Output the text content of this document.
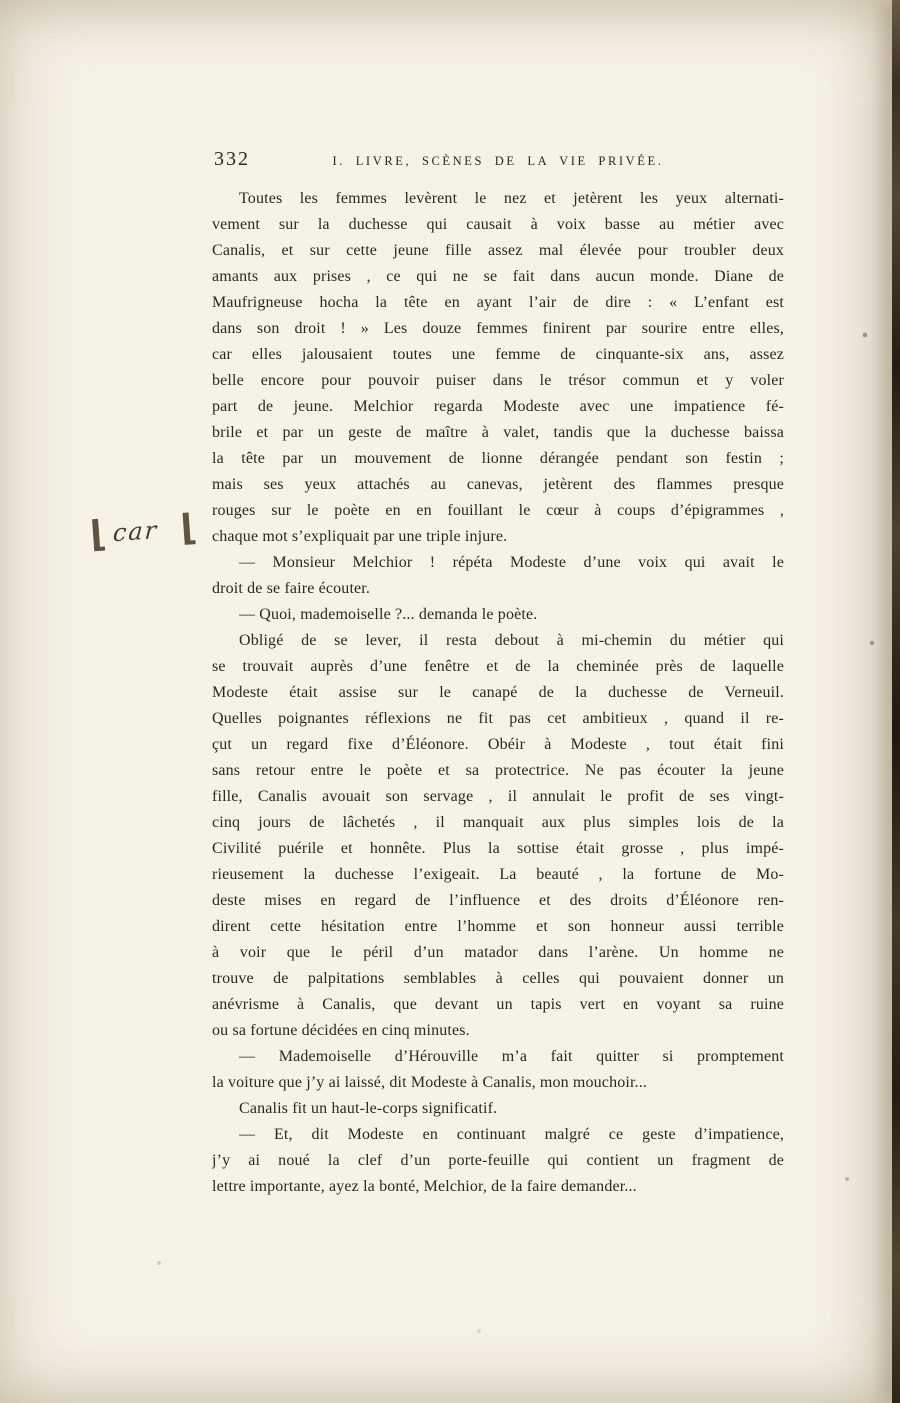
332	I. LIVRE, SCÈNES DE LA VIE PRIVÉE.
⌊ car ⌊
Toutes les femmes levèrent le nez et jetèrent les yeux alternati-
vement sur la duchesse qui causait à voix basse au métier avec
Canalis, et sur cette jeune fille assez mal élevée pour troubler deux
amants aux prises , ce qui ne se fait dans aucun monde. Diane de
Maufrigneuse hocha la tête en ayant l’air de dire : « L’enfant est
dans son droit ! » Les douze femmes finirent par sourire entre elles,
car elles jalousaient toutes une femme de cinquante-six ans, assez
belle encore pour pouvoir puiser dans le trésor commun et y voler
part de jeune. Melchior regarda Modeste avec une impatience fé-
brile et par un geste de maître à valet, tandis que la duchesse baissa
la tête par un mouvement de lionne dérangée pendant son festin ;
mais ses yeux attachés au canevas, jetèrent des flammes presque
rouges sur le poète en en fouillant le cœur à coups d’épigrammes ,
chaque mot s’expliquait par une triple injure.
— Monsieur Melchior ! répéta Modeste d’une voix qui avait le
droit de se faire écouter.
— Quoi, mademoiselle ?... demanda le poète.
Obligé de se lever, il resta debout à mi-chemin du métier qui
se trouvait auprès d’une fenêtre et de la cheminée près de laquelle
Modeste était assise sur le canapé de la duchesse de Verneuil.
Quelles poignantes réflexions ne fit pas cet ambitieux , quand il re-
çut un regard fixe d’Éléonore. Obéir à Modeste , tout était fini
sans retour entre le poète et sa protectrice. Ne pas écouter la jeune
fille, Canalis avouait son servage , il annulait le profit de ses vingt-
cinq jours de lâchetés , il manquait aux plus simples lois de la
Civilité puérile et honnête. Plus la sottise était grosse , plus impé-
rieusement la duchesse l’exigeait. La beauté , la fortune de Mo-
deste mises en regard de l’influence et des droits d’Éléonore ren-
dirent cette hésitation entre l’homme et son honneur aussi terrible
à voir que le péril d’un matador dans l’arène. Un homme ne
trouve de palpitations semblables à celles qui pouvaient donner un
anévrisme à Canalis, que devant un tapis vert en voyant sa ruine
ou sa fortune décidées en cinq minutes.
— Mademoiselle d’Hérouville m’a fait quitter si promptement
la voiture que j’y ai laissé, dit Modeste à Canalis, mon mouchoir...
Canalis fit un haut-le-corps significatif.
— Et, dit Modeste en continuant malgré ce geste d’impatience,
j’y ai noué la clef d’un porte-feuille qui contient un fragment de
lettre importante, ayez la bonté, Melchior, de la faire demander...
